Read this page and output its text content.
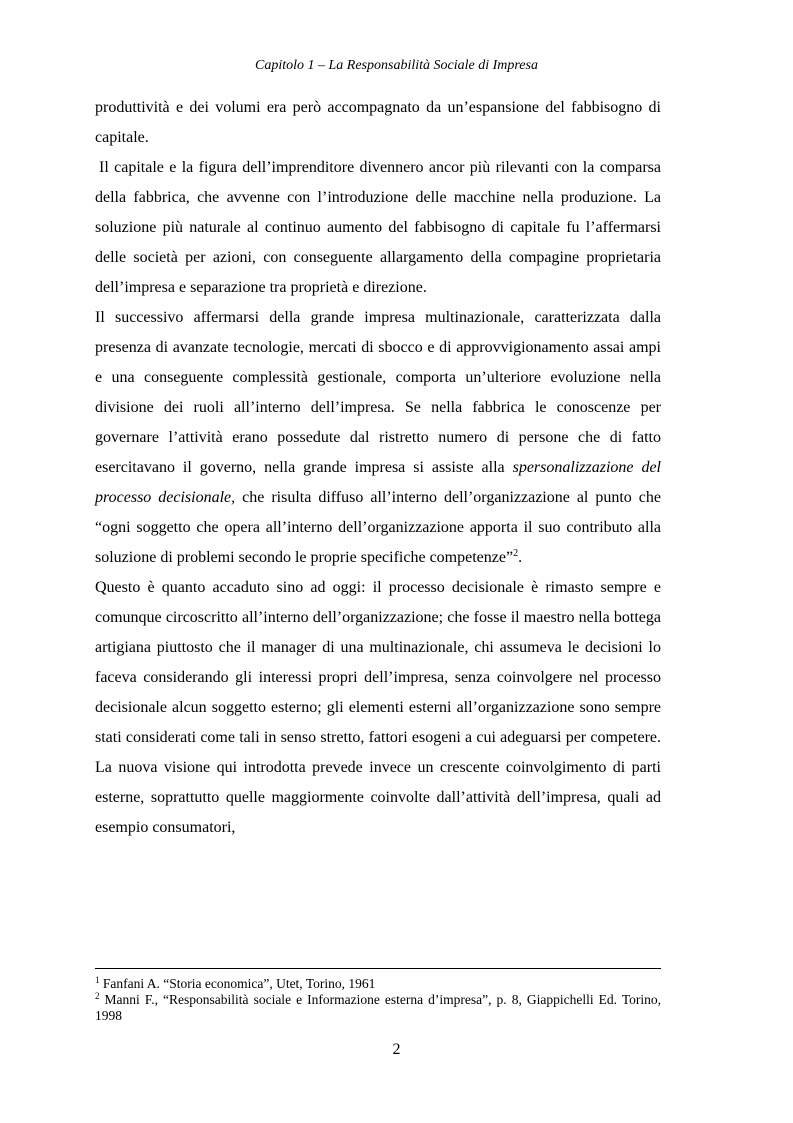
Capitolo 1 – La Responsabilità Sociale di Impresa

produttività e dei volumi era però accompagnato da un’espansione del fabbisogno di capitale.

Il capitale e la figura dell’imprenditore divennero ancor più rilevanti con la comparsa della fabbrica, che avvenne con l’introduzione delle macchine nella produzione. La soluzione più naturale al continuo aumento del fabbisogno di capitale fu l’affermarsi delle società per azioni, con conseguente allargamento della compagine proprietaria dell’impresa e separazione tra proprietà e direzione.

Il successivo affermarsi della grande impresa multinazionale, caratterizzata dalla presenza di avanzate tecnologie, mercati di sbocco e di approvvigionamento assai ampi e una conseguente complessità gestionale, comporta un’ulteriore evoluzione nella divisione dei ruoli all’interno dell’impresa. Se nella fabbrica le conoscenze per governare l’attività erano possedute dal ristretto numero di persone che di fatto esercitavano il governo, nella grande impresa si assiste alla spersonalizzazione del processo decisionale, che risulta diffuso all’interno dell’organizzazione al punto che “ogni soggetto che opera all’interno dell’organizzazione apporta il suo contributo alla soluzione di problemi secondo le proprie specifiche competenze”$^2$.

Questo è quanto accaduto sino ad oggi: il processo decisionale è rimasto sempre e comunque circoscritto all’interno dell’organizzazione; che fosse il maestro nella bottega artigiana piuttosto che il manager di una multinazionale, chi assumeva le decisioni lo faceva considerando gli interessi propri dell’impresa, senza coinvolgere nel processo decisionale alcun soggetto esterno; gli elementi esterni all’organizzazione sono sempre stati considerati come tali in senso stretto, fattori esogeni a cui adeguarsi per competere. La nuova visione qui introdotta prevede invece un crescente coinvolgimento di parti esterne, soprattutto quelle maggiormente coinvolte dall’attività dell’impresa, quali ad esempio consumatori,

$^1$ Fanfani A. “Storia economica”, Utet, Torino, 1961

$^2$ Manni F., “Responsabilità sociale e Informazione esterna d’impresa”, p. 8, Giappichelli Ed. Torino, 1998

2
